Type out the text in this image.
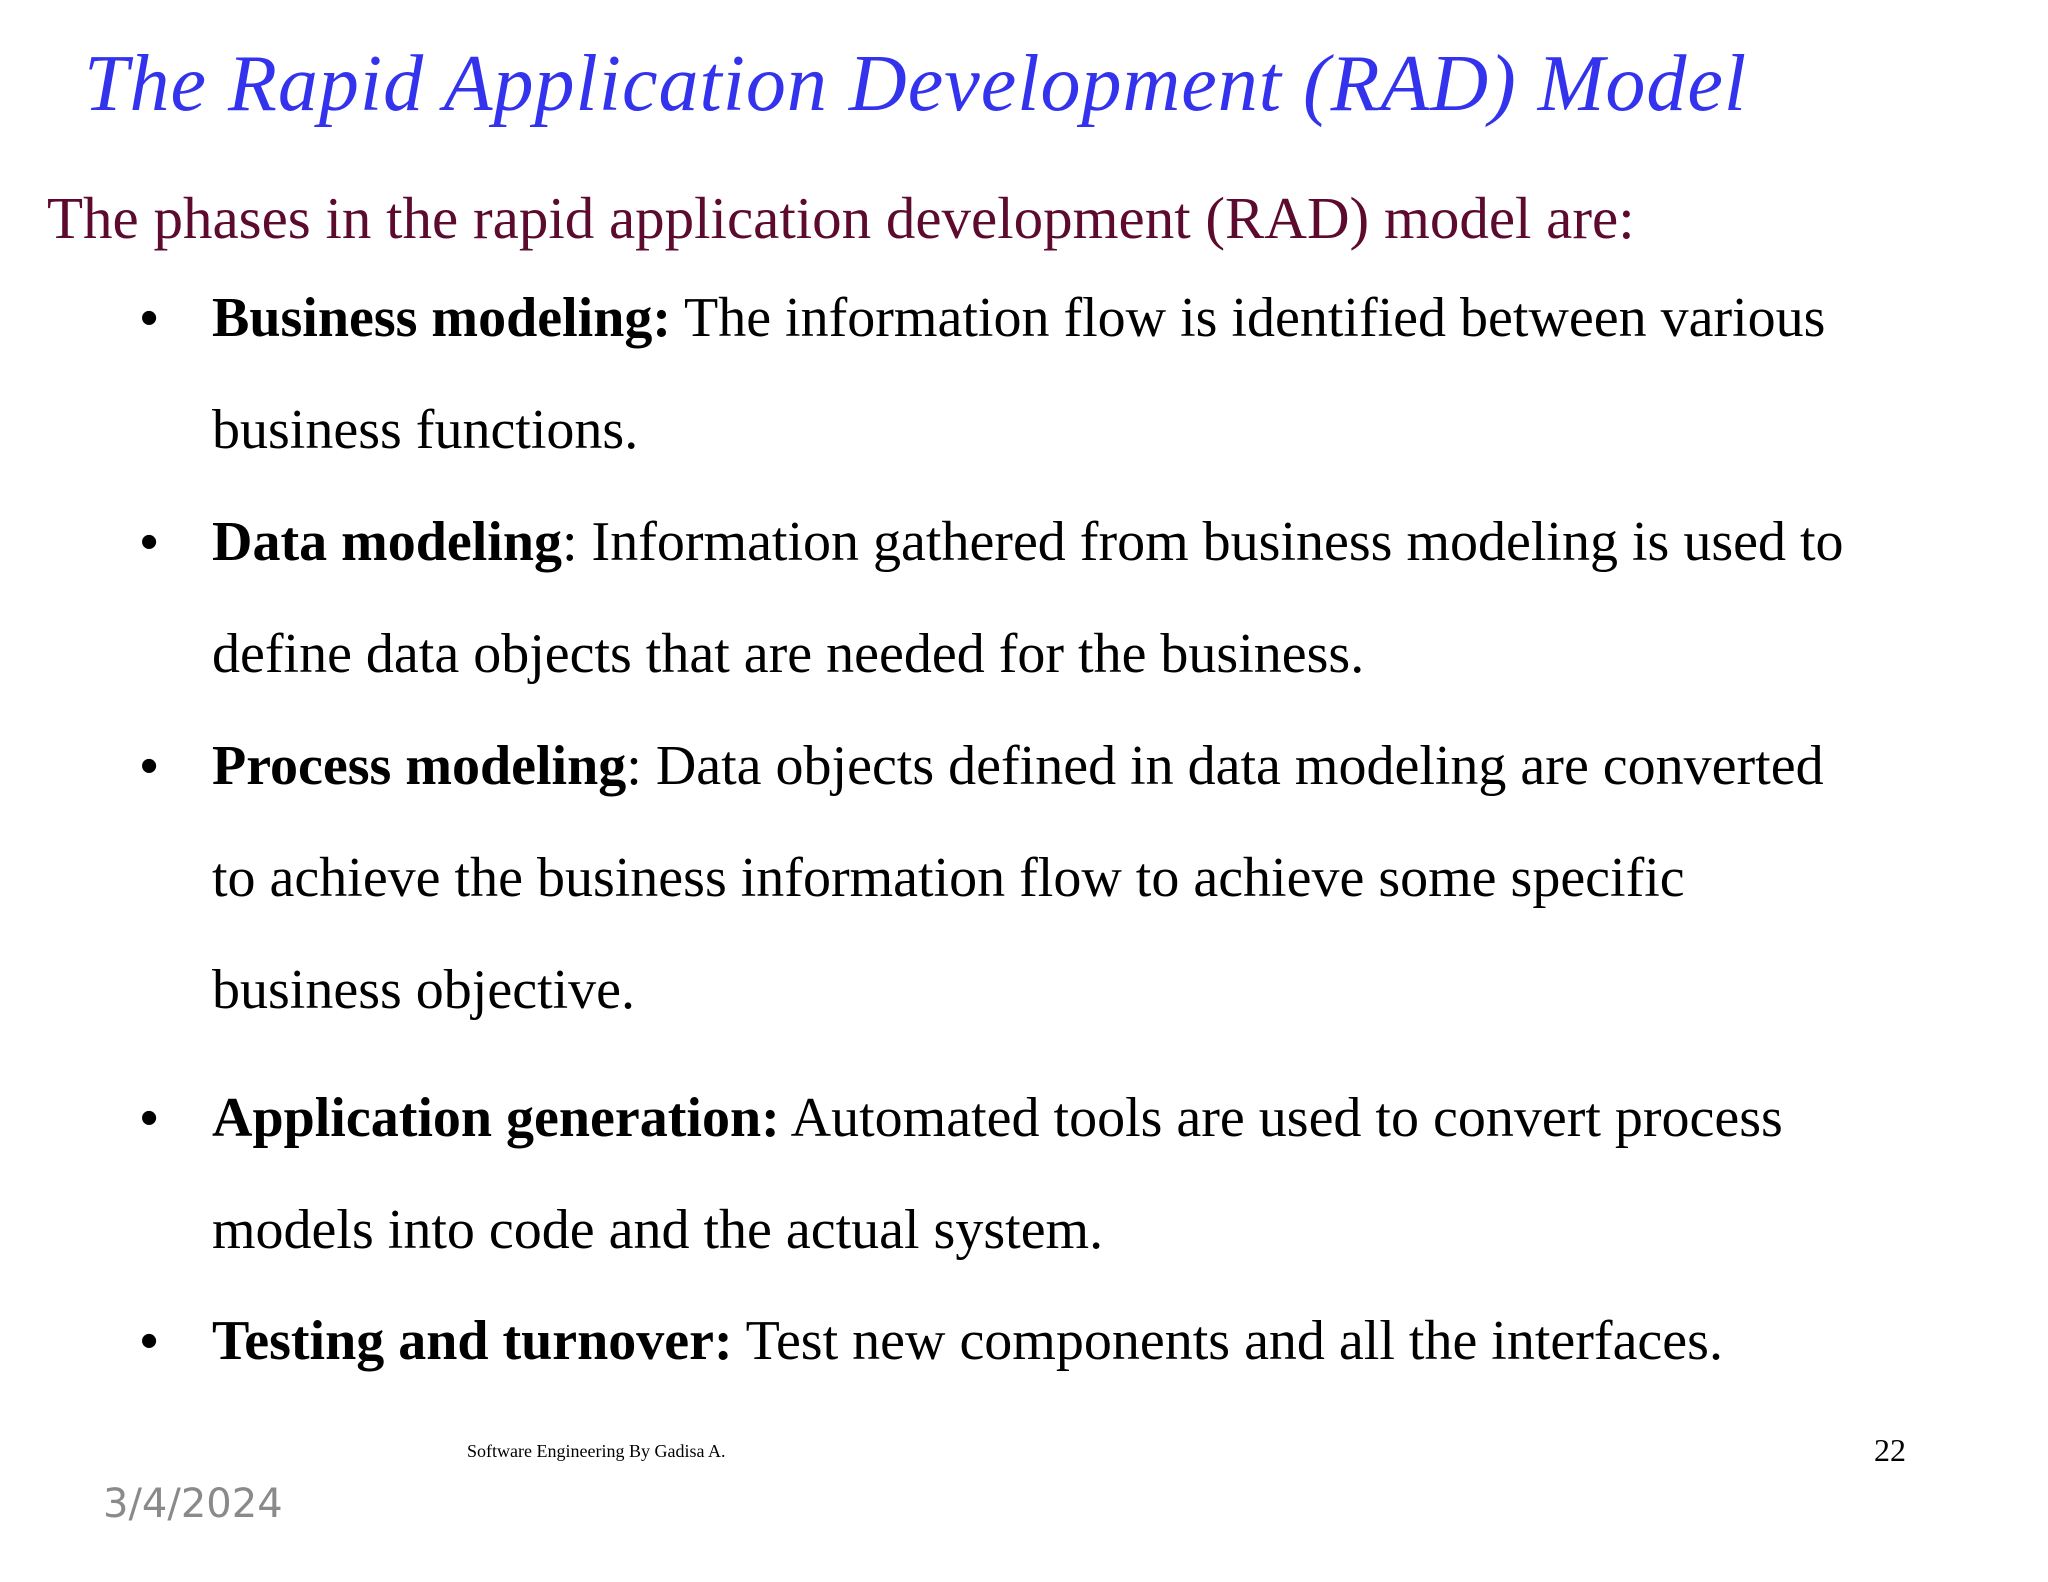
The Rapid Application Development (RAD) Model

The phases in the rapid application development (RAD) model are:

• Business modeling: The information flow is identified between various
business functions.
• Data modeling: Information gathered from business modeling is used to
define data objects that are needed for the business.
• Process modeling: Data objects defined in data modeling are converted
to achieve the business information flow to achieve some specific
business objective.
• Application generation: Automated tools are used to convert process
models into code and the actual system.
• Testing and turnover: Test new components and all the interfaces.
Software Engineering By Gadisa A.	22
3/4/2024
